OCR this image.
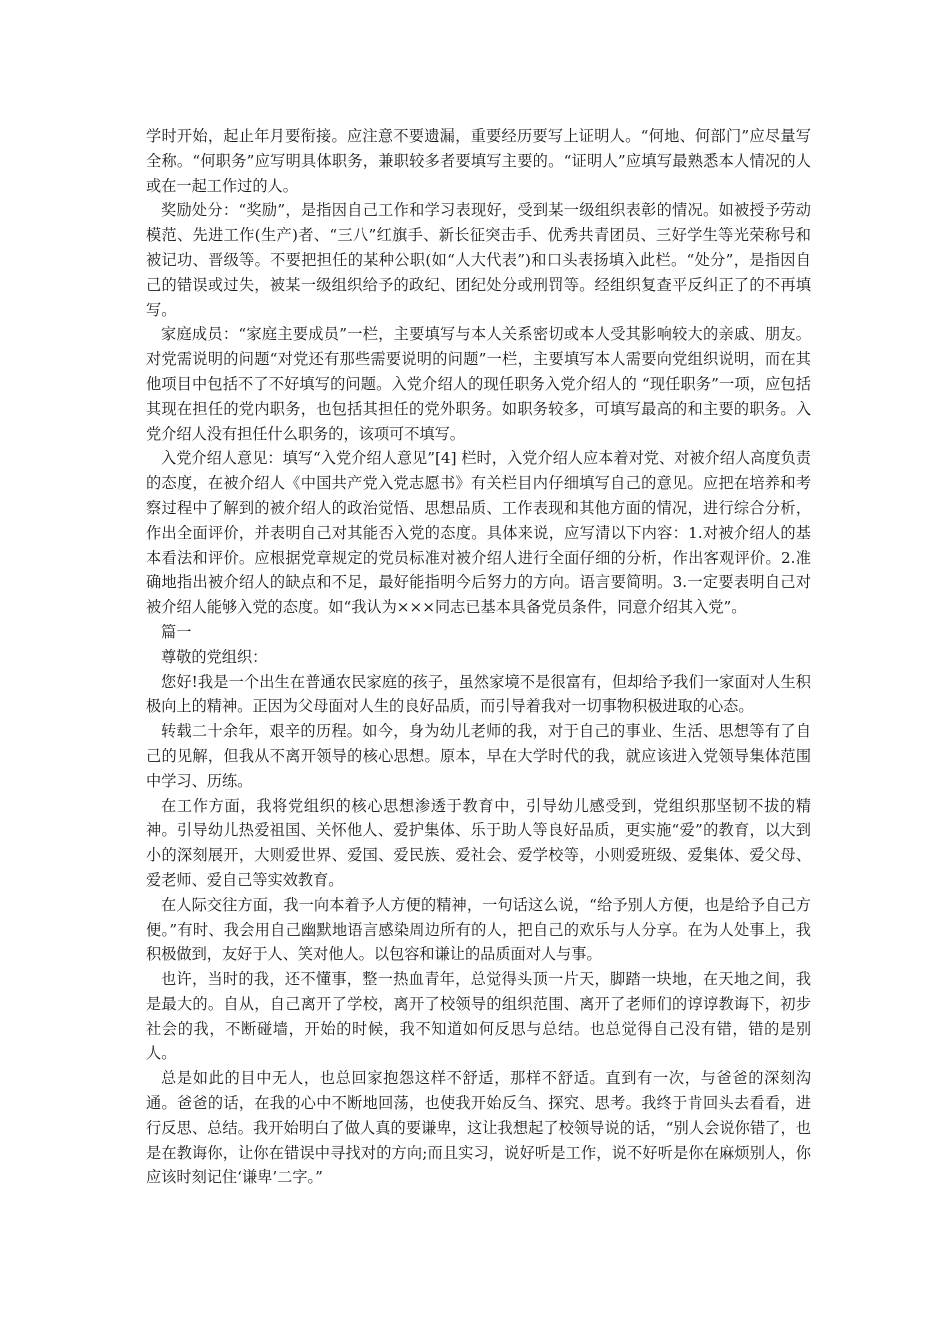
学时开始，起止年月要衔接。应注意不要遗漏，重要经历要写上证明人。“何地、何部门”应尽量写全称。“何职务”应写明具体职务，兼职较多者要填写主要的。“证明人”应填写最熟悉本人情况的人或在一起工作过的人。

奖励处分：“奖励”，是指因自己工作和学习表现好，受到某一级组织表彰的情况。如被授予劳动模范、先进工作(生产)者、“三八”红旗手、新长征突击手、优秀共青团员、三好学生等光荣称号和被记功、晋级等。不要把担任的某种公职(如“人大代表”)和口头表扬填入此栏。“处分”，是指因自己的错误或过失，被某一级组织给予的政纪、团纪处分或刑罚等。经组织复查平反纠正了的不再填写。

家庭成员：“家庭主要成员”一栏，主要填写与本人关系密切或本人受其影响较大的亲戚、朋友。对党需说明的问题“对党还有那些需要说明的问题”一栏，主要填写本人需要向党组织说明，而在其他项目中包括不了不好填写的问题。入党介绍人的现任职务入党介绍人的 “现任职务”一项，应包括其现在担任的党内职务，也包括其担任的党外职务。如职务较多，可填写最高的和主要的职务。入党介绍人没有担任什么职务的，该项可不填写。

入党介绍人意见：填写“入党介绍人意见”[4] 栏时，入党介绍人应本着对党、对被介绍人高度负责的态度，在被介绍人《中国共产党入党志愿书》有关栏目内仔细填写自己的意见。应把在培养和考察过程中了解到的被介绍人的政治觉悟、思想品质、工作表现和其他方面的情况，进行综合分析，作出全面评价，并表明自己对其能否入党的态度。具体来说，应写清以下内容：1.对被介绍人的基本看法和评价。应根据党章规定的党员标准对被介绍人进行全面仔细的分析，作出客观评价。2.准确地指出被介绍人的缺点和不足，最好能指明今后努力的方向。语言要简明。3.一定要表明自己对被介绍人能够入党的态度。如“我认为×××同志已基本具备党员条件，同意介绍其入党”。

篇一

尊敬的党组织：

您好!我是一个出生在普通农民家庭的孩子，虽然家境不是很富有，但却给予我们一家面对人生积极向上的精神。正因为父母面对人生的良好品质，而引导着我对一切事物积极进取的心态。

转载二十余年，艰辛的历程。如今，身为幼儿老师的我，对于自己的事业、生活、思想等有了自己的见解，但我从不离开领导的核心思想。原本，早在大学时代的我，就应该进入党领导集体范围中学习、历练。

在工作方面，我将党组织的核心思想渗透于教育中，引导幼儿感受到，党组织那坚韧不拔的精神。引导幼儿热爱祖国、关怀他人、爱护集体、乐于助人等良好品质，更实施“爱”的教育，以大到小的深刻展开，大则爱世界、爱国、爱民族、爱社会、爱学校等，小则爱班级、爱集体、爱父母、爱老师、爱自己等实效教育。

在人际交往方面，我一向本着予人方便的精神，一句话这么说，“给予别人方便，也是给予自己方便。”有时、我会用自己幽默地语言感染周边所有的人，把自己的欢乐与人分享。在为人处事上，我积极做到，友好于人、笑对他人。以包容和谦让的品质面对人与事。

也许，当时的我，还不懂事，整一热血青年，总觉得头顶一片天，脚踏一块地，在天地之间，我是最大的。自从，自己离开了学校，离开了校领导的组织范围、离开了老师们的谆谆教诲下，初步社会的我，不断碰墙，开始的时候，我不知道如何反思与总结。也总觉得自己没有错，错的是别人。

总是如此的目中无人，也总回家抱怨这样不舒适，那样不舒适。直到有一次，与爸爸的深刻沟通。爸爸的话，在我的心中不断地回荡，也使我开始反刍、探究、思考。我终于肯回头去看看，进行反思、总结。我开始明白了做人真的要谦卑，这让我想起了校领导说的话，“别人会说你错了，也是在教诲你，让你在错误中寻找对的方向;而且实习，说好听是工作，说不好听是你在麻烦别人，你应该时刻记住‘谦卑’二字。”
